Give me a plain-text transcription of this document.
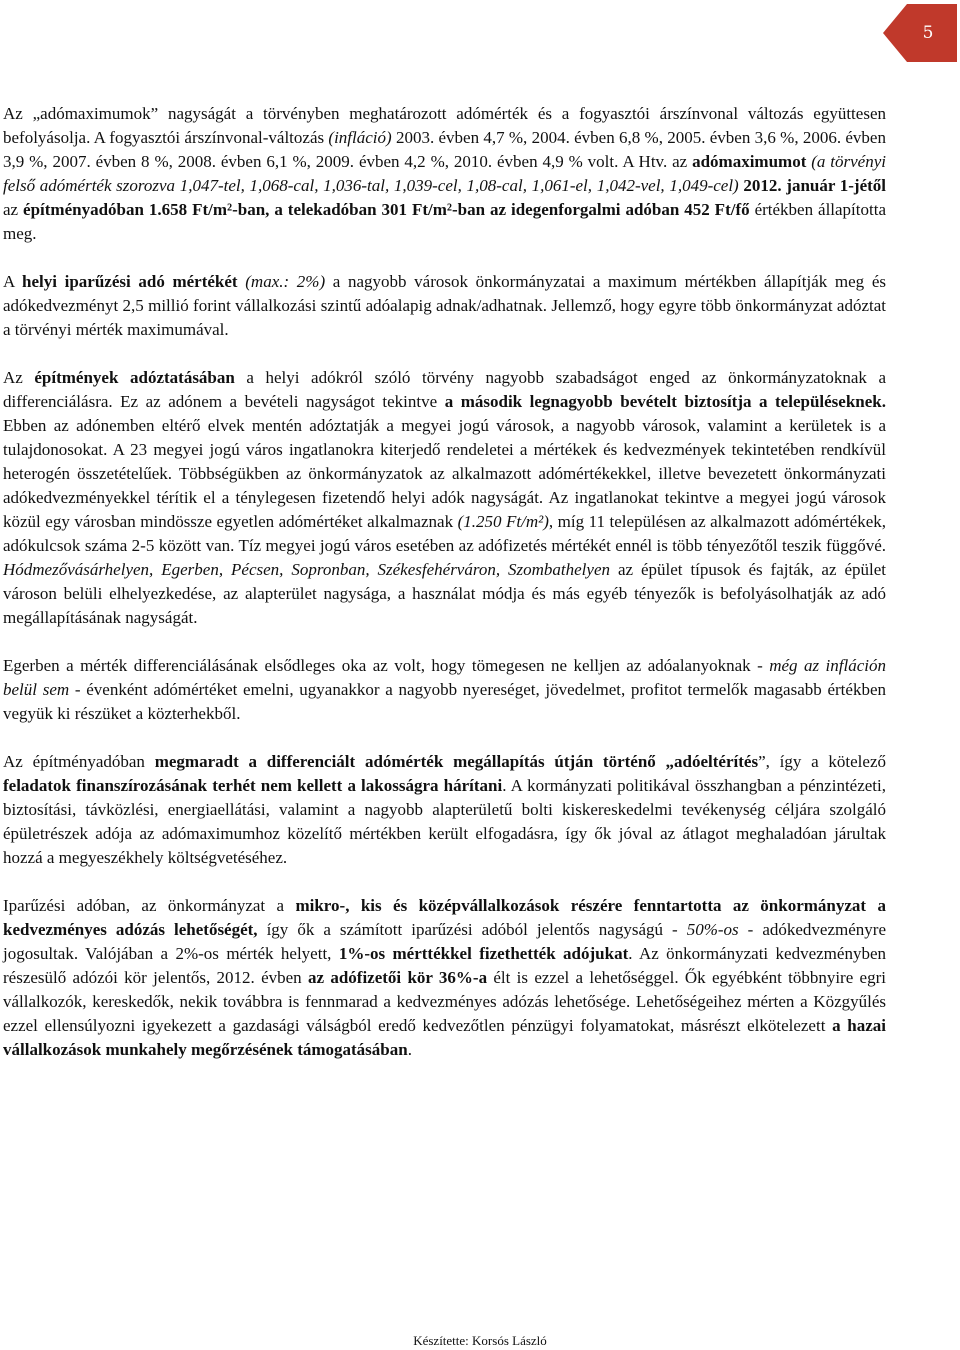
5

Az „adómaximumok” nagyságát a törvényben meghatározott adómérték és a fogyasztói árszínvonal változás együttesen befolyásolja. A fogyasztói árszínvonal-változás (infláció) 2003. évben 4,7 %, 2004. évben 6,8 %, 2005. évben 3,6 %, 2006. évben 3,9 %, 2007. évben 8 %, 2008. évben 6,1 %, 2009. évben 4,2 %, 2010. évben 4,9 % volt. A Htv. az adómaximumot (a törvényi felső adómérték szorozva 1,047-tel, 1,068-cal, 1,036-tal, 1,039-cel, 1,08-cal, 1,061-el, 1,042-vel, 1,049-cel) 2012. január 1-jétől az építményadóban 1.658 Ft/m²-ban, a telekadóban 301 Ft/m²-ban az idegenforgalmi adóban 452 Ft/fő értékben állapította meg.

A helyi iparűzési adó mértékét (max.: 2%) a nagyobb városok önkormányzatai a maximum mértékben állapítják meg és adókedvezményt 2,5 millió forint vállalkozási szintű adóalapig adnak/adhatnak. Jellemző, hogy egyre több önkormányzat adóztat a törvényi mérték maximumával.

Az építmények adóztatásában a helyi adókról szóló törvény nagyobb szabadságot enged az önkormányzatoknak a differenciálásra. Ez az adónem a bevételi nagyságot tekintve a második legnagyobb bevételt biztosítja a településeknek. Ebben az adónemben eltérő elvek mentén adóztatják a megyei jogú városok, a nagyobb városok, valamint a kerületek is a tulajdonosokat. A 23 megyei jogú város ingatlanokra kiterjedő rendeletei a mértékek és kedvezmények tekintetében rendkívül heterogén összetételűek. Többségükben az önkormányzatok az alkalmazott adómértékekkel, illetve bevezetett önkormányzati adókedvezményekkel térítik el a ténylegesen fizetendő helyi adók nagyságát. Az ingatlanokat tekintve a megyei jogú városok közül egy városban mindössze egyetlen adómértéket alkalmaznak (1.250 Ft/m²), míg 11 településen az alkalmazott adómértékek, adókulcsok száma 2-5 között van. Tíz megyei jogú város esetében az adófizetés mértékét ennél is több tényezőtől teszik függővé. Hódmezővásárhelyen, Egerben, Pécsen, Sopronban, Székesfehérváron, Szombathelyen az épület típusok és fajták, az épület városon belüli elhelyezkedése, az alapterület nagysága, a használat módja és más egyéb tényezők is befolyásolhatják az adó megállapításának nagyságát.

Egerben a mérték differenciálásának elsődleges oka az volt, hogy tömegesen ne kelljen az adóalanyoknak - még az infláción belül sem - évenként adómértéket emelni, ugyanakkor a nagyobb nyereséget, jövedelmet, profitot termelők magasabb értékben vegyük ki részüket a közterhekből.

Az építményadóban megmaradt a differenciált adómérték megállapítás útján történő „adóeltérítés”, így a kötelező feladatok finanszírozásának terhét nem kellett a lakosságra hárítani. A kormányzati politikával összhangban a pénzintézeti, biztosítási, távközlési, energiaellátási, valamint a nagyobb alapterületű bolti kiskereskedelmi tevékenység céljára szolgáló épületrészek adója az adómaximumhoz közelítő mértékben került elfogadásra, így ők jóval az átlagot meghaladóan járultak hozzá a megyeszékhely költségvetéséhez.

Iparűzési adóban, az önkormányzat a mikro-, kis és középvállalkozások részére fenntartotta az önkormányzat a kedvezményes adózás lehetőségét, így ők a számított iparűzési adóból jelentős nagyságú - 50%-os - adókedvezményre jogosultak. Valójában a 2%-os mérték helyett, 1%-os mérttékkel fizethették adójukat. Az önkormányzati kedvezményben részesülő adózói kör jelentős, 2012. évben az adófizetői kör 36%-a élt is ezzel a lehetőséggel. Ők egyébként többnyire egri vállalkozók, kereskedők, nekik továbbra is fennmarad a kedvezményes adózás lehetősége. Lehetőségeihez mérten a Közgyűlés ezzel ellensúlyozni igyekezett a gazdasági válságból eredő kedvezőtlen pénzügyi folyamatokat, másrészt elkötelezett a hazai vállalkozások munkahely megőrzésének támogatásában.

Készítette: Korsós László
